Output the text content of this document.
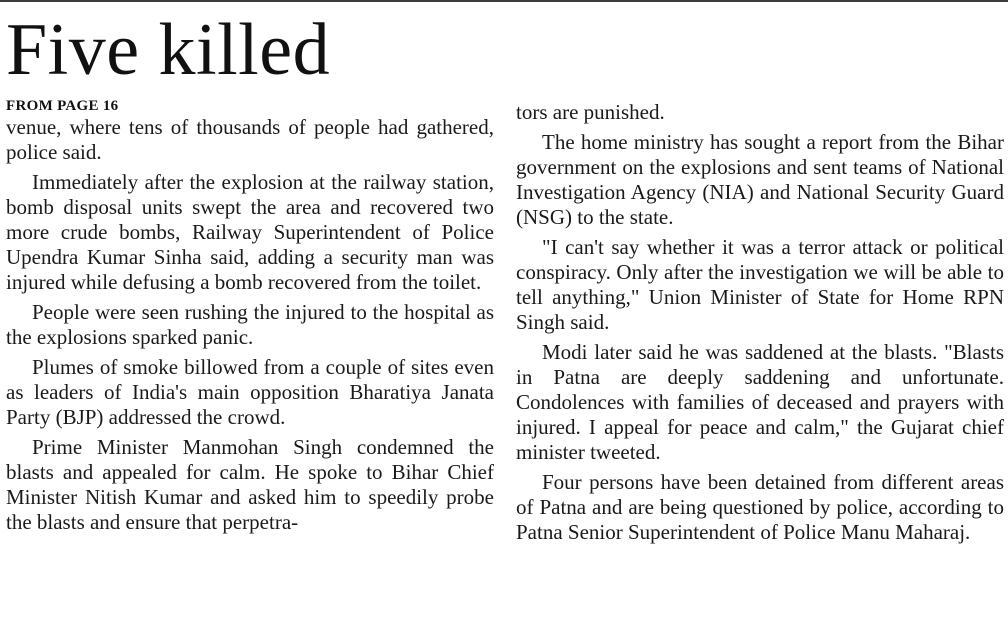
Five killed
FROM PAGE 16

venue, where tens of thousands of people had gathered, police said.

Immediately after the explosion at the railway station, bomb disposal units swept the area and recovered two more crude bombs, Railway Superintendent of Police Upendra Kumar Sinha said, adding a security man was injured while defusing a bomb recovered from the toilet.

People were seen rushing the injured to the hospital as the explosions sparked panic.

Plumes of smoke billowed from a couple of sites even as leaders of India's main opposition Bharatiya Janata Party (BJP) addressed the crowd.

Prime Minister Manmohan Singh condemned the blasts and appealed for calm. He spoke to Bihar Chief Minister Nitish Kumar and asked him to speedily probe the blasts and ensure that perpetra-

tors are punished.

The home ministry has sought a report from the Bihar government on the explosions and sent teams of National Investigation Agency (NIA) and National Security Guard (NSG) to the state.

"I can't say whether it was a terror attack or political conspiracy. Only after the investigation we will be able to tell anything," Union Minister of State for Home RPN Singh said.

Modi later said he was saddened at the blasts. "Blasts in Patna are deeply saddening and unfortunate. Condolences with families of deceased and prayers with injured. I appeal for peace and calm," the Gujarat chief minister tweeted.

Four persons have been detained from different areas of Patna and are being questioned by police, according to Patna Senior Superintendent of Police Manu Maharaj.
